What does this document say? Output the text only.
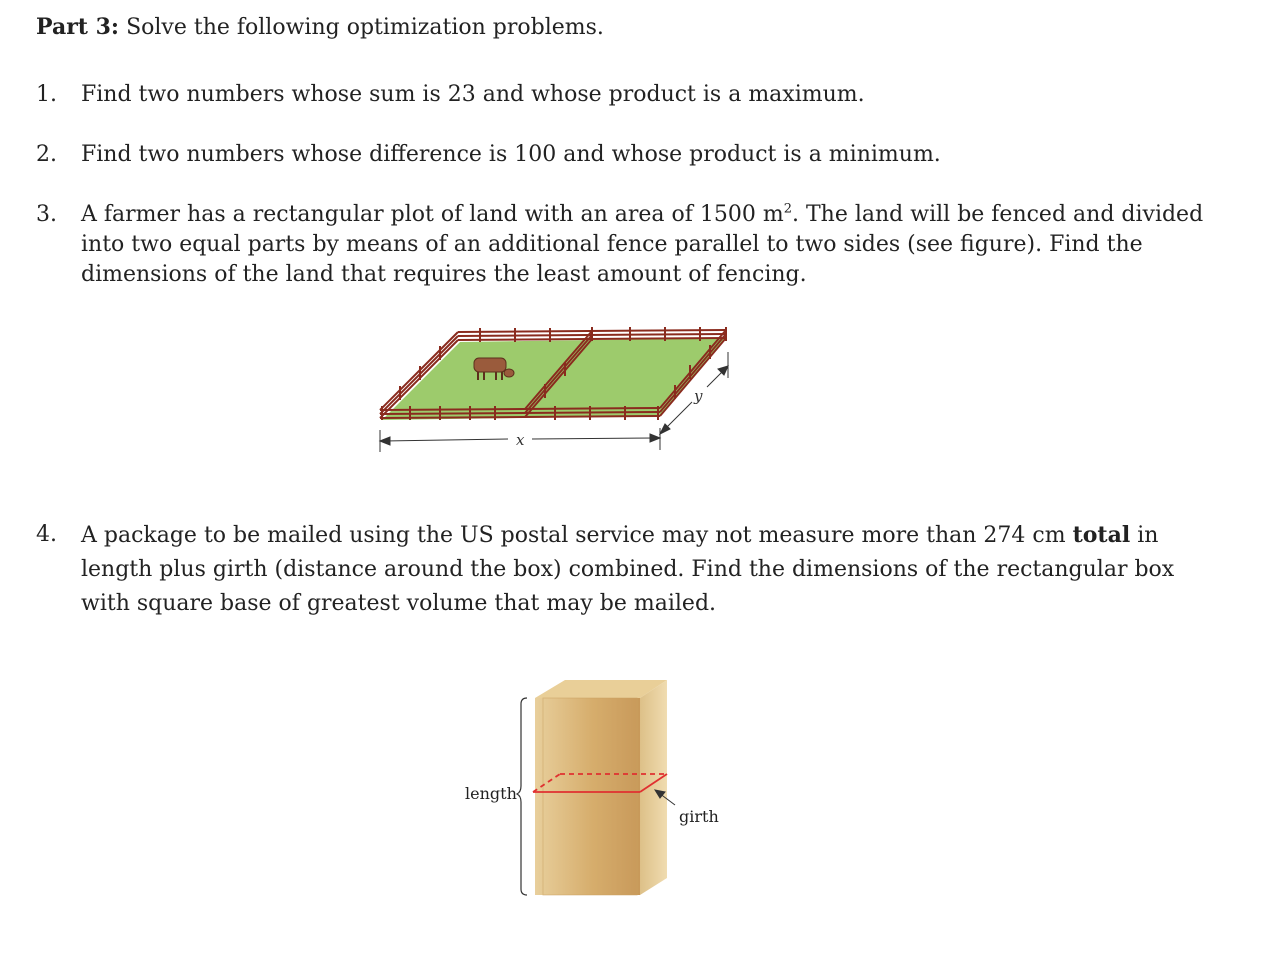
Part 3: Solve the following optimization problems.
1. Find two numbers whose sum is 23 and whose product is a maximum.
2. Find two numbers whose difference is 100 and whose product is a minimum.
3. A farmer has a rectangular plot of land with an area of 1500 $m^2$. The land will be fenced and divided into two equal parts by means of an additional fence parallel to two sides (see figure). Find the dimensions of the land that requires the least amount of fencing.
x
y
4. A package to be mailed using the US postal service may not measure more than 274 cm total in length plus girth (distance around the box) combined. Find the dimensions of the rectangular box with square base of greatest volume that may be mailed.
length
girth
